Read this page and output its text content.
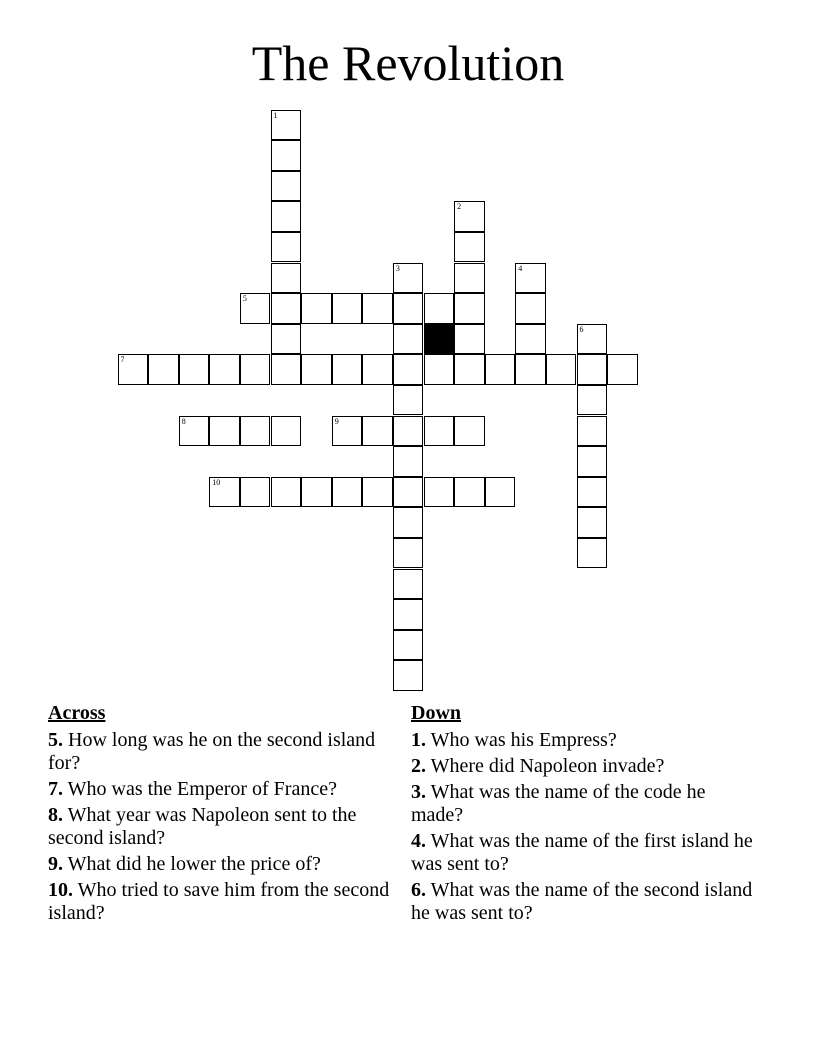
The Revolution
1
2
3	4
5
6
7
8	9
10
Across
5. How long was he on the second island for?
7. Who was the Emperor of France?
8. What year was Napoleon sent to the second island?
9. What did he lower the price of?
10. Who tried to save him from the second island?
Down
1. Who was his Empress?
2. Where did Napoleon invade?
3. What was the name of the code he made?
4. What was the name of the first island he was sent to?
6. What was the name of the second island he was sent to?
